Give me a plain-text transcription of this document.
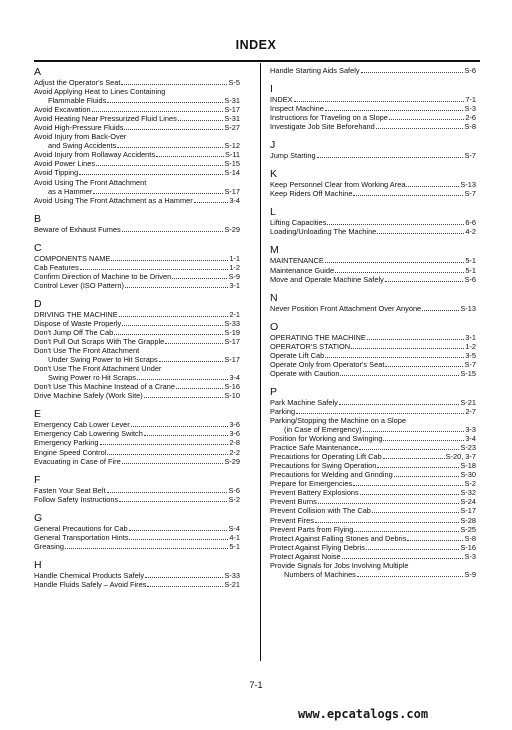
INDEX
A
Adjust the Operator's Seat	S-5
Avoid Applying Heat to Lines Containing
Flammable Fluids	S-31
Avoid Excavation	S-17
Avoid Heating Near Pressurized Fluid Lines	S-31
Avoid High-Pressure Fluids	S-27
Avoid Injury from Back-Over
and Swing Accidents	S-12
Avoid Injury from Rollaway Accidents	S-11
Avoid Power Lines	S-15
Avoid Tipping	S-14
Avoid Using The Front Attachment
as a Hammer	S-17
Avoid Using The Front Attachment as a Hammer	3-4
B
Beware of Exhaust Fumes	S-29
C
COMPONENTS NAME	1-1
Cab Features	1-2
Confirm Direction of Machine to be Driven	S-9
Control Lever (ISO Pattern)	3-1
D
DRIVING THE MACHINE	2-1
Dispose of Waste Properly	S-33
Don't Jump Off The Cab	S-19
Don't Pull Out Scraps With The Grapple	S-17
Don't Use The Front Attachment
Under Swing Power to Hit Scraps	S-17
Don't Use The Front Attachment Under
Swing Power ro Hit Scraps	3-4
Don't Use This Machine Instead of a Crane	S-16
Drive Machine Safely (Work Site)	S-10
E
Emergency Cab Lower Lever	3-6
Emergency Cab Lowering Switch	3-6
Emergency Parking	2-8
Engine Speed Control	2-2
Evacuating in Case of Fire	S-29
F
Fasten Your Seat Belt	S-6
Follow Safety Instructions	S-2
G
General Precautions for Cab	S-4
General Transportation Hints	4-1
Greasing	5-1
H
Handle Chemical Products Safely	S-33
Handle Fluids Safely – Avoid Fires	S-21
Handle Starting Aids Safely	S-6
I
INDEX	7-1
Inspect Machine	S-3
Instructions for Traveling on a Slope	2-6
Investigate Job Site Beforehand	S-8
J
Jump Starting	S-7
K
Keep Personnel Clear from Working Area	S-13
Keep Riders Off Machine	S-7
L
Lifting Capacities	6-6
Loading/Unloading The Machine	4-2
M
MAINTENANCE	5-1
Maintenance Guide	5-1
Move and Operate Machine Safely	S-6
N
Never Position Front Attachment Over Anyone	S-13
O
OPERATING THE MACHINE	3-1
OPERATOR'S STATION	1-2
Operate Lift Cab	3-5
Operate Only from Operator's Seat	S-7
Operate with Caution	S-15
P
Park Machine Safely	S-21
Parking	2-7
Parking/Stopping the Machine on a Slope
(in Case of Emergency)	3-3
Position for Working and Swinging	3-4
Practice Safe Maintenance	S-23
Precautions for Operating Lift Cab	S-20, 3-7
Precautions for Swing Operation	S-18
Precautions for Welding and Grinding	S-30
Prepare for Emergencies	S-2
Prevent Battery Explosions	S-32
Prevent Burns	S-24
Prevent Collision with The Cab	S-17
Prevent Fires	S-28
Prevent Parts from Flying	S-25
Protect Against Falling Stones and Debris	S-8
Protect Against Flying Debris	S-16
Protect Against Noise	S-3
Provide Signals for Jobs Involving Multiple
Numbers of Machines	S-9
7-1
www.epcatalogs.com
